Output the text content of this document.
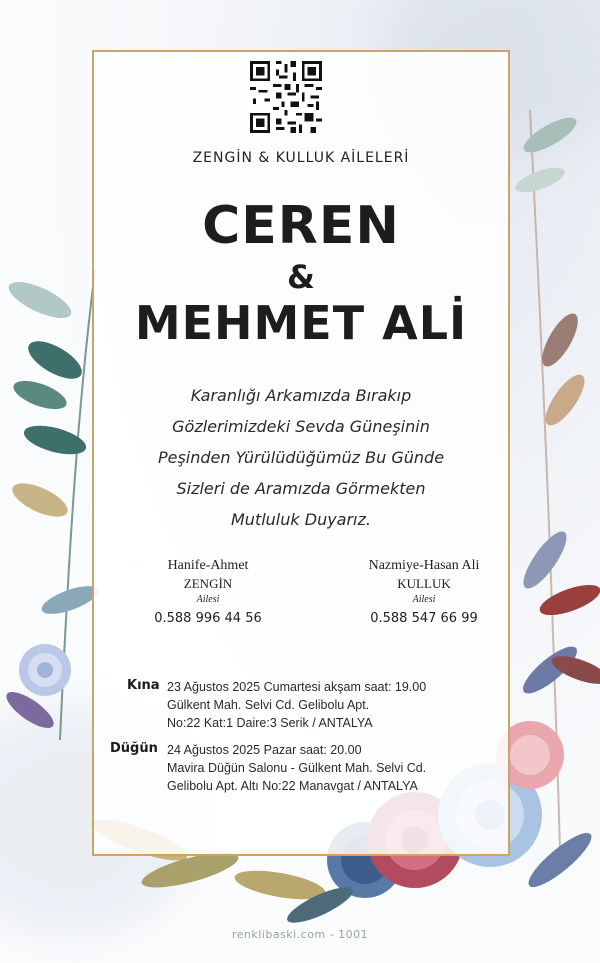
ZENGİN & KULLUK AİLELERİ
CEREN
&
MEHMET ALİ
Karanlığı Arkamızda Bırakıp
Gözlerimizdeki Sevda Güneşinin
Peşinden Yürülüdüğümüz Bu Günde
Sizleri de Aramızda Görmekten
Mutluluk Duyarız.
Hanife-Ahmet
ZENGİN
Ailesi
0.588 996 44 56
Nazmiye-Hasan Ali
KULLUK
Ailesi
0.588 547 66 99
Kına 23 Ağustos 2025 Cumartesi akşam saat: 19.00
Gülkent Mah. Selvi Cd. Gelibolu Apt.
No:22 Kat:1 Daire:3 Serik / ANTALYA
Düğün 24 Ağustos 2025 Pazar saat: 20.00
Mavira Düğün Salonu - Gülkent Mah. Selvi Cd.
Gelibolu Apt. Altı No:22 Manavgat / ANTALYA
renklibaski.com - 1001
